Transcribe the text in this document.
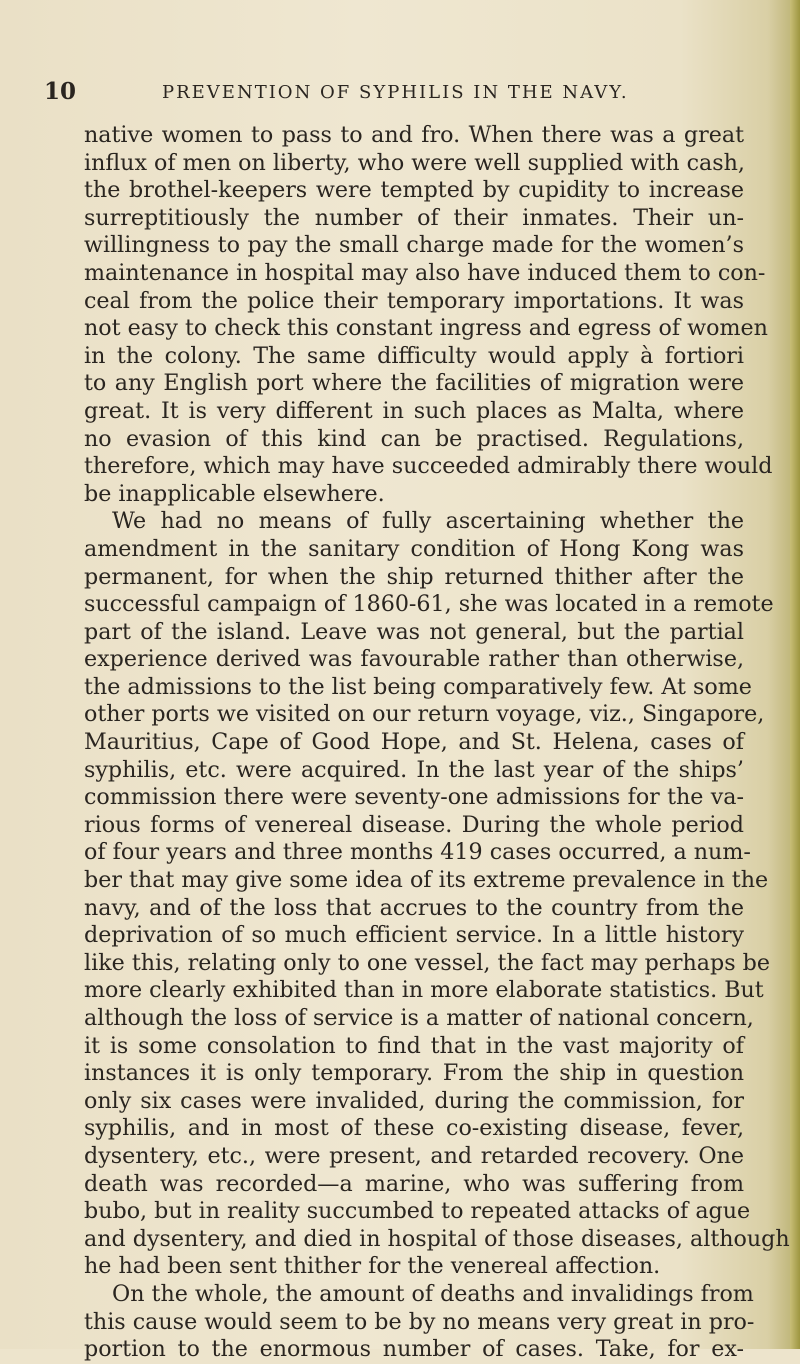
10	PREVENTION OF SYPHILIS IN THE NAVY.
native women to pass to and fro. When there was a great
influx of men on liberty, who were well supplied with cash,
the brothel-keepers were tempted by cupidity to increase
surreptitiously the number of their inmates. Their un-
willingness to pay the small charge made for the women’s
maintenance in hospital may also have induced them to con-
ceal from the police their temporary importations. It was
not easy to check this constant ingress and egress of women
in the colony. The same difficulty would apply à fortiori
to any English port where the facilities of migration were
great. It is very different in such places as Malta, where
no evasion of this kind can be practised. Regulations,
therefore, which may have succeeded admirably there would
be inapplicable elsewhere.
We had no means of fully ascertaining whether the
amendment in the sanitary condition of Hong Kong was
permanent, for when the ship returned thither after the
successful campaign of 1860-61, she was located in a remote
part of the island. Leave was not general, but the partial
experience derived was favourable rather than otherwise,
the admissions to the list being comparatively few. At some
other ports we visited on our return voyage, viz., Singapore,
Mauritius, Cape of Good Hope, and St. Helena, cases of
syphilis, etc. were acquired. In the last year of the ships’
commission there were seventy-one admissions for the va-
rious forms of venereal disease. During the whole period
of four years and three months 419 cases occurred, a num-
ber that may give some idea of its extreme prevalence in the
navy, and of the loss that accrues to the country from the
deprivation of so much efficient service. In a little history
like this, relating only to one vessel, the fact may perhaps be
more clearly exhibited than in more elaborate statistics. But
although the loss of service is a matter of national concern,
it is some consolation to find that in the vast majority of
instances it is only temporary. From the ship in question
only six cases were invalided, during the commission, for
syphilis, and in most of these co-existing disease, fever,
dysentery, etc., were present, and retarded recovery. One
death was recorded—a marine, who was suffering from
bubo, but in reality succumbed to repeated attacks of ague
and dysentery, and died in hospital of those diseases, although
he had been sent thither for the venereal affection.
On the whole, the amount of deaths and invalidings from
this cause would seem to be by no means very great in pro-
portion to the enormous number of cases. Take, for ex-
